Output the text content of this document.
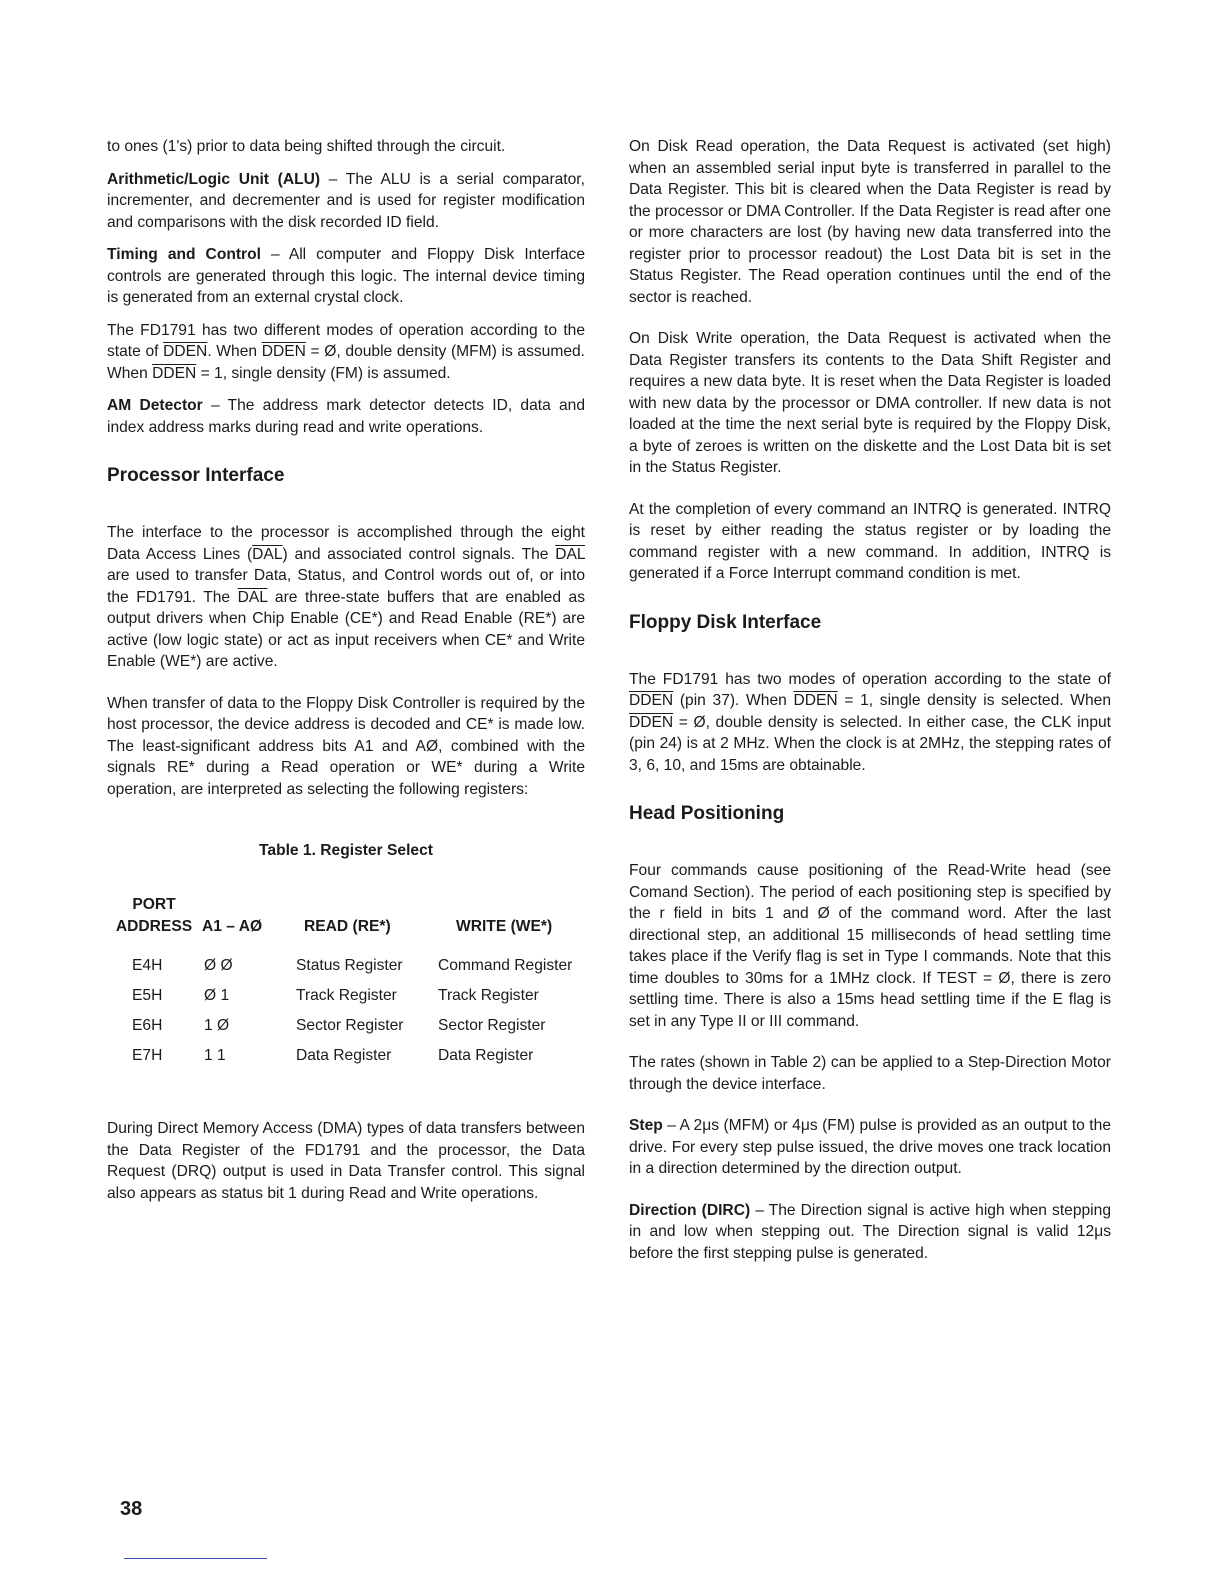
to ones (1's) prior to data being shifted through the circuit.

Arithmetic/Logic Unit (ALU) – The ALU is a serial comparator, incrementer, and decrementer and is used for register modification and comparisons with the disk recorded ID field.

Timing and Control – All computer and Floppy Disk Interface controls are generated through this logic. The internal device timing is generated from an external crystal clock.

The FD1791 has two different modes of operation according to the state of DDEN. When DDEN = Ø, double density (MFM) is assumed. When DDEN = 1, single density (FM) is assumed.

AM Detector – The address mark detector detects ID, data and index address marks during read and write operations.

Processor Interface

The interface to the processor is accomplished through the eight Data Access Lines $(\overline{DAL})$ and associated control signals. The $\overline{DAL}$ are used to transfer Data, Status, and Control words out of, or into the FD1791. The $\overline{DAL}$ are three-state buffers that are enabled as output drivers when Chip Enable (CE*) and Read Enable (RE*) are active (low logic state) or act as input receivers when CE* and Write Enable (WE*) are active.

When transfer of data to the Floppy Disk Controller is required by the host processor, the device address is decoded and CE* is made low. The least-significant address bits A1 and AØ, combined with the signals RE* during a Read operation or WE* during a Write operation, are interpreted as selecting the following registers:

Table 1. Register Select
PORT ADDRESS	A1 – AØ	READ (RE*)	WRITE (WE*)
E4H	Ø Ø	Status Register	Command Register
E5H	Ø 1	Track Register	Track Register
E6H	1 Ø	Sector Register	Sector Register
E7H	1 1	Data Register	Data Register

During Direct Memory Access (DMA) types of data transfers between the Data Register of the FD1791 and the processor, the Data Request (DRQ) output is used in Data Transfer control. This signal also appears as status bit 1 during Read and Write operations.

On Disk Read operation, the Data Request is activated (set high) when an assembled serial input byte is transferred in parallel to the Data Register. This bit is cleared when the Data Register is read by the processor or DMA Controller. If the Data Register is read after one or more characters are lost (by having new data transferred into the register prior to processor readout) the Lost Data bit is set in the Status Register. The Read operation continues until the end of the sector is reached.

On Disk Write operation, the Data Request is activated when the Data Register transfers its contents to the Data Shift Register and requires a new data byte. It is reset when the Data Register is loaded with new data by the processor or DMA controller. If new data is not loaded at the time the next serial byte is required by the Floppy Disk, a byte of zeroes is written on the diskette and the Lost Data bit is set in the Status Register.

At the completion of every command an INTRQ is generated. INTRQ is reset by either reading the status register or by loading the command register with a new command. In addition, INTRQ is generated if a Force Interrupt command condition is met.

Floppy Disk Interface

The FD1791 has two modes of operation according to the state of DDEN (pin 37). When DDEN = 1, single density is selected. When DDEN = Ø, double density is selected. In either case, the CLK input (pin 24) is at 2 MHz. When the clock is at 2MHz, the stepping rates of 3, 6, 10, and 15ms are obtainable.

Head Positioning

Four commands cause positioning of the Read-Write head (see Comand Section). The period of each positioning step is specified by the r field in bits 1 and Ø of the command word. After the last directional step, an additional 15 milliseconds of head settling time takes place if the Verify flag is set in Type I commands. Note that this time doubles to 30ms for a 1MHz clock. If TEST = Ø, there is zero settling time. There is also a 15ms head settling time if the E flag is set in any Type II or III command.

The rates (shown in Table 2) can be applied to a Step-Direction Motor through the device interface.

Step – A 2μs (MFM) or 4μs (FM) pulse is provided as an output to the drive. For every step pulse issued, the drive moves one track location in a direction determined by the direction output.

Direction (DIRC) – The Direction signal is active high when stepping in and low when stepping out. The Direction signal is valid 12μs before the first stepping pulse is generated.

38
